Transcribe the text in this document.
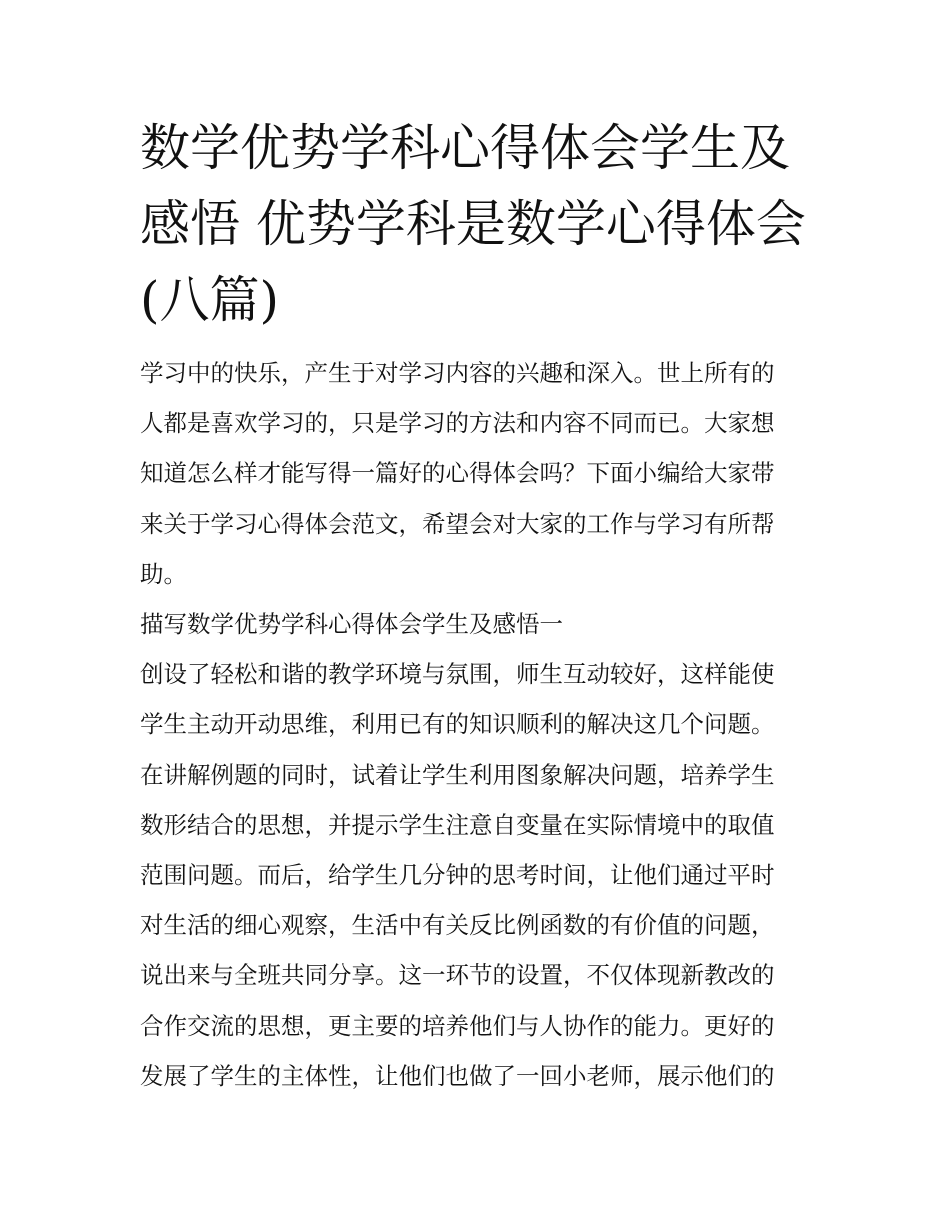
数学优势学科心得体会学生及
感悟 优势学科是数学心得体会
(八篇)
学习中的快乐，产生于对学习内容的兴趣和深入。世上所有的
人都是喜欢学习的，只是学习的方法和内容不同而已。大家想
知道怎么样才能写得一篇好的心得体会吗？下面小编给大家带
来关于学习心得体会范文，希望会对大家的工作与学习有所帮
助。
描写数学优势学科心得体会学生及感悟一
创设了轻松和谐的教学环境与氛围，师生互动较好，这样能使
学生主动开动思维，利用已有的知识顺利的解决这几个问题。
在讲解例题的同时，试着让学生利用图象解决问题，培养学生
数形结合的思想，并提示学生注意自变量在实际情境中的取值
范围问题。而后，给学生几分钟的思考时间，让他们通过平时
对生活的细心观察，生活中有关反比例函数的有价值的问题，
说出来与全班共同分享。这一环节的设置，不仅体现新教改的
合作交流的思想，更主要的培养他们与人协作的能力。更好的
发展了学生的主体性，让他们也做了一回小老师，展示他们的
